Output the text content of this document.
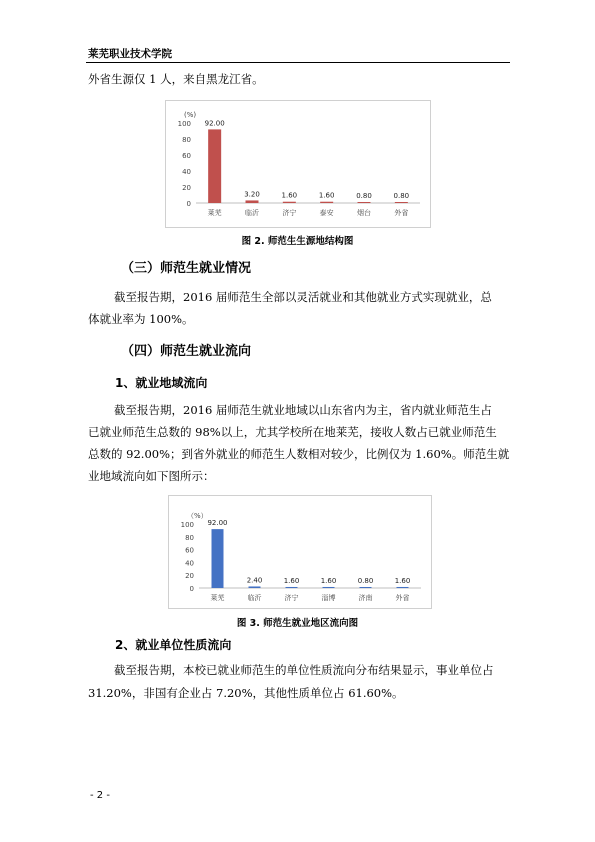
莱芜职业技术学院
外省生源仅 1 人，来自黑龙江省。
(%)
0
20
40
60
80
100 92.00
莱芜
3.20
临沂
1.60
济宁
1.60
泰安
0.80
烟台
0.80
外省
图 2. 师范生生源地结构图
（三）师范生就业情况
截至报告期，2016 届师范生全部以灵活就业和其他就业方式实现就业，总
体就业率为 100%。
（四）师范生就业流向
1、就业地域流向
截至报告期，2016 届师范生就业地域以山东省内为主，省内就业师范生占
已就业师范生总数的 98%以上，尤其学校所在地莱芜，接收人数占已就业师范生
总数的 92.00%；到省外就业的师范生人数相对较少，比例仅为 1.60%。师范生就
业地域流向如下图所示：
（%）
0
20
40
60
80
100 92.00
莱芜
2.40
临沂
1.60
济宁
1.60
淄博
0.80
济南
1.60
外省
图 3. 师范生就业地区流向图
2、就业单位性质流向
截至报告期，本校已就业师范生的单位性质流向分布结果显示，事业单位占
31.20%，非国有企业占 7.20%，其他性质单位占 61.60%。
- 2 -
